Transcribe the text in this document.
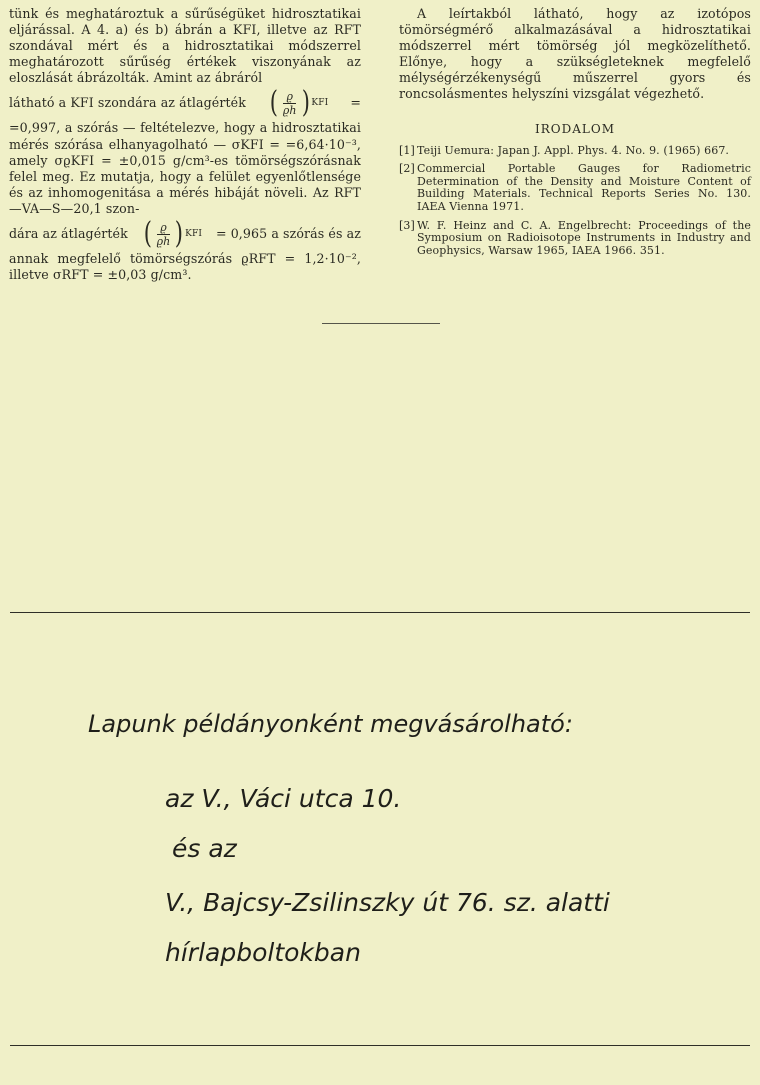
tünk és meghatároztuk a sűrűségüket hidrosztatikai eljárással. A 4. a) és b) ábrán a KFI, illetve az RFT szondával mért és a hidrosztatikai módszerrel meghatározott sűrűség értékek viszonyának az eloszlását ábrázolták. Amint az ábráról

látható a KFI szondára az átlagérték ( $\frac{ϱ}{ϱh}$ ) KFI =

=0,997, a szórás — feltételezve, hogy a hidrosztatikai mérés szórása elhanyagolható — σKFI = =6,64·10⁻³, amely σϱKFI = ±0,015 g/cm³-es tömörségszórásnak felel meg. Ez mutatja, hogy a felület egyenlőtlensége és az inhomogenitása a mérés hibáját növeli. Az RFT—VA—S—20,1 szon-

dára az átlagérték ( $\frac{ϱ}{ϱh}$ ) KFI = 0,965 a szórás és az

annak megfelelő tömörségszórás ϱRFT = 1,2·10⁻², illetve σRFT = ±0,03 g/cm³.

A leírtakból látható, hogy az izotópos tömörségmérő alkalmazásával a hidrosztatikai módszerrel mért tömörség jól megközelíthető. Előnye, hogy a szükségleteknek megfelelő mélységérzékenységű műszerrel gyors és roncsolásmentes helyszíni vizsgálat végezhető.

IRODALOM
[1] Teiji Uemura: Japan J. Appl. Phys. 4. No. 9. (1965) 667.
[2] Commercial Portable Gauges for Radiometric Determination of the Density and Moisture Content of Building Materials. Technical Reports Series No. 130. IAEA Vienna 1971.
[3] W. F. Heinz and C. A. Engelbrecht: Proceedings of the Symposium on Radioisotope Instruments in Industry and Geophysics, Warsaw 1965, IAEA 1966. 351.
Lapunk példányonként megvásárolható:
az V., Váci utca 10.
és az
V., Bajcsy-Zsilinszky út 76. sz. alatti
hírlapboltokban
